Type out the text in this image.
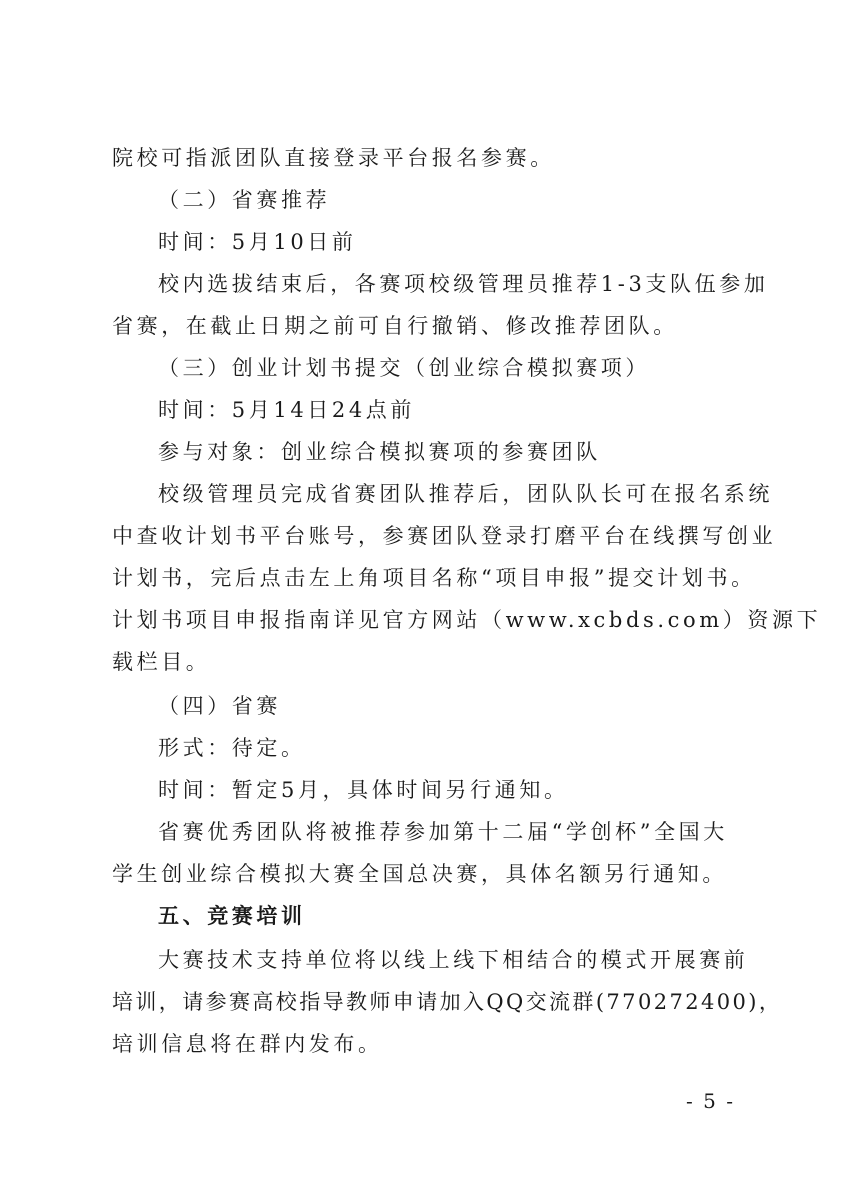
院校可指派团队直接登录平台报名参赛。
（二）省赛推荐
时间：5月10日前
校内选拔结束后，各赛项校级管理员推荐1-3支队伍参加
省赛，在截止日期之前可自行撤销、修改推荐团队。
（三）创业计划书提交（创业综合模拟赛项）
时间：5月14日24点前
参与对象：创业综合模拟赛项的参赛团队
校级管理员完成省赛团队推荐后，团队队长可在报名系统
中查收计划书平台账号，参赛团队登录打磨平台在线撰写创业
计划书，完后点击左上角项目名称“项目申报”提交计划书。
计划书项目申报指南详见官方网站（www.xcbds.com）资源下
载栏目。
（四）省赛
形式：待定。
时间：暂定5月，具体时间另行通知。
省赛优秀团队将被推荐参加第十二届“学创杯”全国大
学生创业综合模拟大赛全国总决赛，具体名额另行通知。
五、竞赛培训
大赛技术支持单位将以线上线下相结合的模式开展赛前
培训，请参赛高校指导教师申请加入QQ交流群(770272400)，
培训信息将在群内发布。
- 5 -
